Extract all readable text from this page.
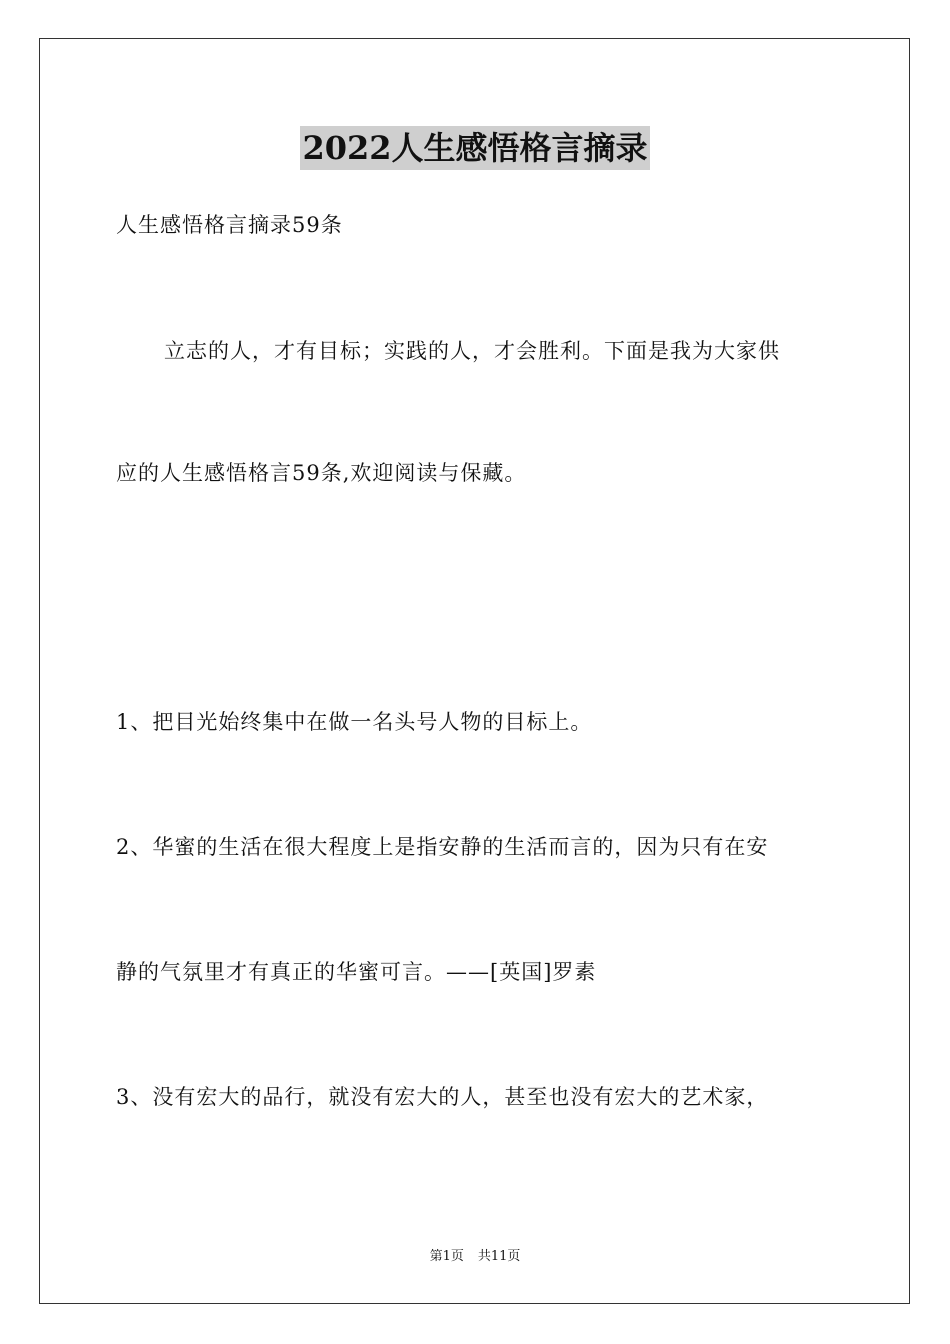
2022人生感悟格言摘录
人生感悟格言摘录59条
立志的人，才有目标；实践的人，才会胜利。下面是我为大家供
应的人生感悟格言59条,欢迎阅读与保藏。
1、把目光始终集中在做一名头号人物的目标上。
2、华蜜的生活在很大程度上是指安静的生活而言的，因为只有在安
静的气氛里才有真正的华蜜可言。——[英国]罗素
3、没有宏大的品行，就没有宏大的人，甚至也没有宏大的艺术家，
第1页 共11页
